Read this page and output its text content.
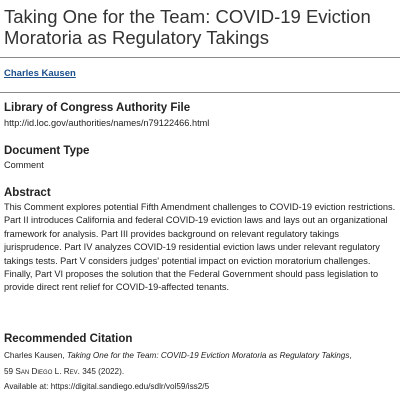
Taking One for the Team: COVID-19 Eviction Moratoria as Regulatory Takings
Charles Kausen
Library of Congress Authority File

http://id.loc.gov/authorities/names/n79122466.html

Document Type

Comment

Abstract

This Comment explores potential Fifth Amendment challenges to COVID-19 eviction restrictions. Part II introduces California and federal COVID-19 eviction laws and lays out an organizational framework for analysis. Part III provides background on relevant regulatory takings jurisprudence. Part IV analyzes COVID-19 residential eviction laws under relevant regulatory takings tests. Part V considers judges' potential impact on eviction moratorium challenges. Finally, Part VI proposes the solution that the Federal Government should pass legislation to provide direct rent relief for COVID-19-affected tenants.

Recommended Citation
Charles Kausen, Taking One for the Team: COVID-19 Eviction Moratoria as Regulatory Takings,
59 San Diego L. Rev. 345 (2022).
Available at: https://digital.sandiego.edu/sdlr/vol59/iss2/5
